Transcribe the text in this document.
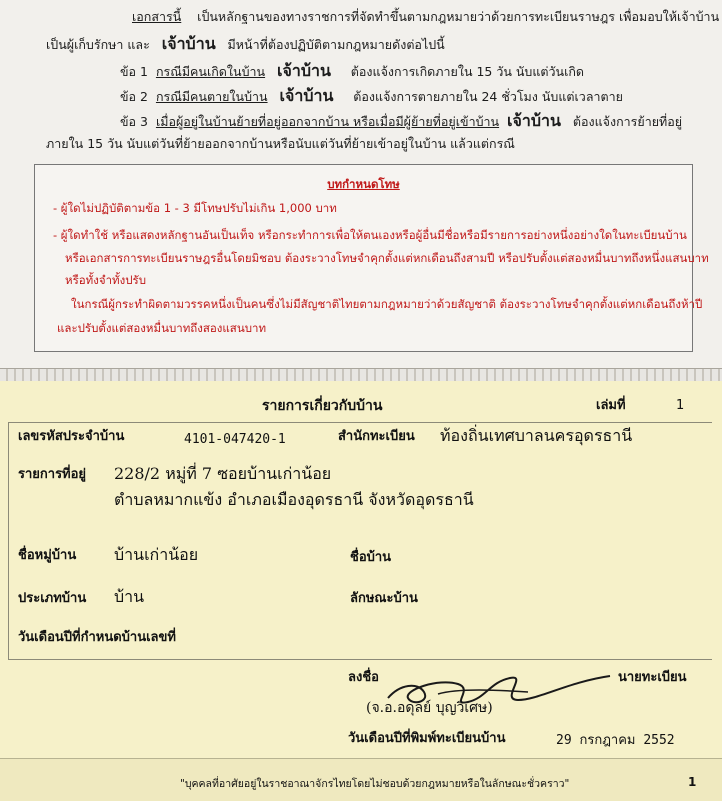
เอกสารนี้ เป็นหลักฐานของทางราชการที่จัดทำขึ้นตามกฎหมายว่าด้วยการทะเบียนราษฎร เพื่อมอบให้เจ้าบ้าน
เป็นผู้เก็บรักษา และ เจ้าบ้าน มีหน้าที่ต้องปฏิบัติตามกฎหมายดังต่อไปนี้
ข้อ 1 กรณีมีคนเกิดในบ้าน เจ้าบ้าน ต้องแจ้งการเกิดภายใน 15 วัน นับแต่วันเกิด
ข้อ 2 กรณีมีคนตายในบ้าน เจ้าบ้าน ต้องแจ้งการตายภายใน 24 ชั่วโมง นับแต่เวลาตาย
ข้อ 3 เมื่อผู้อยู่ในบ้านย้ายที่อยู่ออกจากบ้าน หรือเมื่อมีผู้ย้ายที่อยู่เข้าบ้าน เจ้าบ้าน ต้องแจ้งการย้ายที่อยู่
ภายใน 15 วัน นับแต่วันที่ย้ายออกจากบ้านหรือนับแต่วันที่ย้ายเข้าอยู่ในบ้าน แล้วแต่กรณี
บทกำหนดโทษ
- ผู้ใดไม่ปฏิบัติตามข้อ 1 - 3 มีโทษปรับไม่เกิน 1,000 บาท
- ผู้ใดทำใช้ หรือแสดงหลักฐานอันเป็นเท็จ หรือกระทำการเพื่อให้ตนเองหรือผู้อื่นมีชื่อหรือมีรายการอย่างหนึ่งอย่างใดในทะเบียนบ้าน
หรือเอกสารการทะเบียนราษฎรอื่นโดยมิชอบ ต้องระวางโทษจำคุกตั้งแต่หกเดือนถึงสามปี หรือปรับตั้งแต่สองหมื่นบาทถึงหนึ่งแสนบาท
หรือทั้งจำทั้งปรับ
ในกรณีผู้กระทำผิดตามวรรคหนึ่งเป็นคนซึ่งไม่มีสัญชาติไทยตามกฎหมายว่าด้วยสัญชาติ ต้องระวางโทษจำคุกตั้งแต่หกเดือนถึงห้าปี
และปรับตั้งแต่สองหมื่นบาทถึงสองแสนบาท
รายการเกี่ยวกับบ้าน	เล่มที่	1
เลขรหัสประจำบ้าน	4101-047420-1	สำนักทะเบียน ท้องถิ่นเทศบาลนครอุดรธานี
รายการที่อยู่ 228/2 หมู่ที่ 7 ซอยบ้านเก่าน้อย
ตำบลหมากแข้ง อำเภอเมืองอุดรธานี จังหวัดอุดรธานี
ชื่อหมู่บ้าน บ้านเก่าน้อย	ชื่อบ้าน
ประเภทบ้าน บ้าน	ลักษณะบ้าน
วันเดือนปีที่กำหนดบ้านเลขที่
ลงชื่อ	นายทะเบียน
(จ.อ.อดุลย์ บุญวิเศษ)
วันเดือนปีที่พิมพ์ทะเบียนบ้าน	29 กรกฎาคม 2552
"บุคคลที่อาศัยอยู่ในราชอาณาจักรไทยโดยไม่ชอบด้วยกฎหมายหรือในลักษณะชั่วคราว"	1
